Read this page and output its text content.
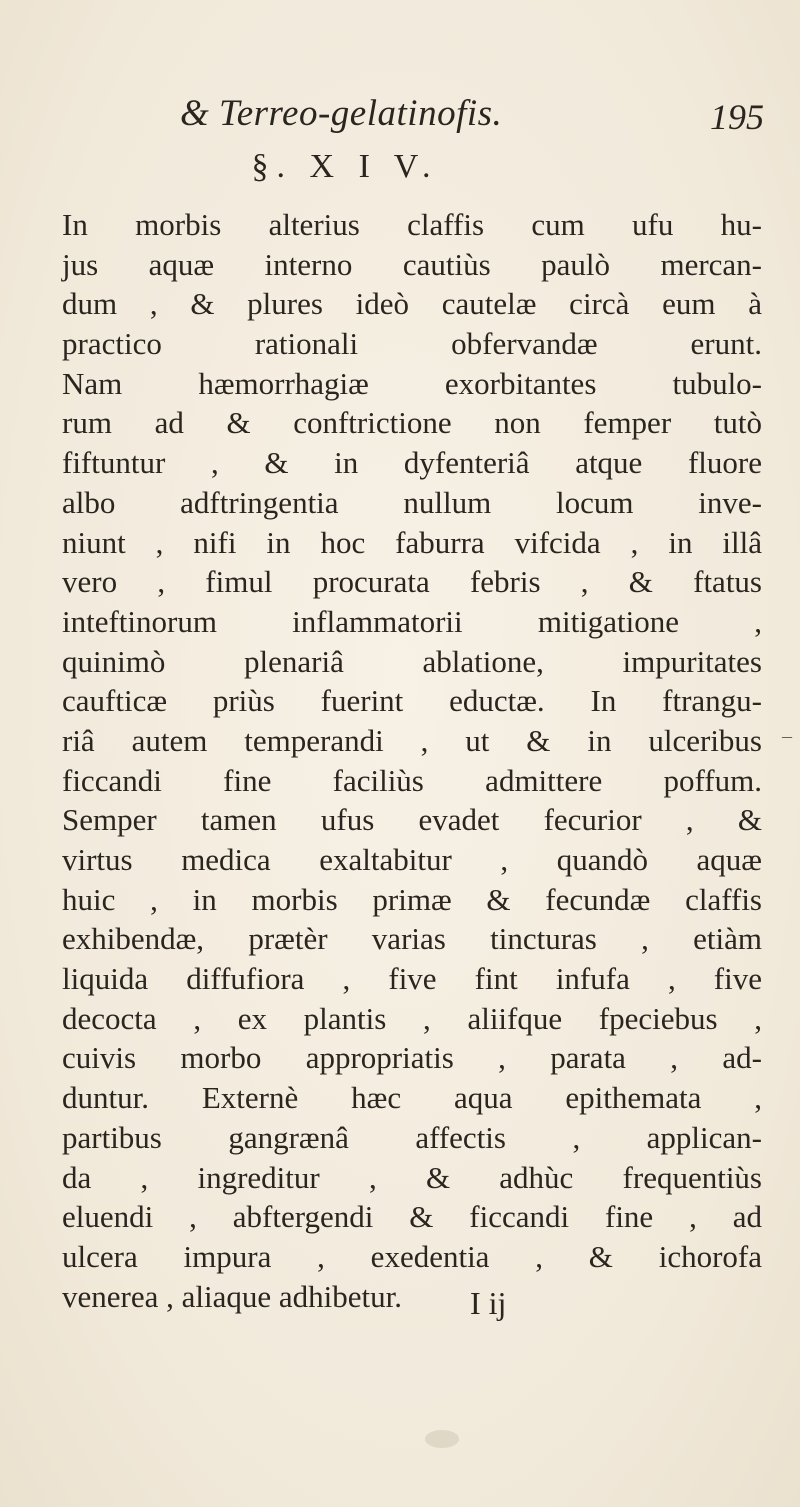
& Terreo-gelatinofis.	195
§. X I V.
In morbis alterius claffis cum ufu hu-
jus aquæ interno cautiùs paulò mercan-
dum , & plures ideò cautelæ circà eum à
practico rationali obfervandæ erunt.
Nam hæmorrhagiæ exorbitantes tubulo-
rum ad & conftrictione non femper tutò
fiftuntur , & in dyfenteriâ atque fluore
albo adftringentia nullum locum inve-
niunt , nifi in hoc faburra vifcida , in illâ
vero , fimul procurata febris , & ftatus
inteftinorum inflammatorii mitigatione ,
quinimò plenariâ ablatione, impuritates
caufticæ priùs fuerint eductæ. In ftrangu-
riâ autem temperandi , ut & in ulceribus
ficcandi fine faciliùs admittere poffum.
Semper tamen ufus evadet fecurior , &
virtus medica exaltabitur , quandò aquæ
huic , in morbis primæ & fecundæ claffis
exhibendæ, prætèr varias tincturas , etiàm
liquida diffufiora , five fint infufa , five
decocta , ex plantis , aliifque fpeciebus ,
cuivis morbo appropriatis , parata , ad-
duntur. Externè hæc aqua epithemata ,
partibus gangrænâ affectis , applican-
da , ingreditur , & adhùc frequentiùs
eluendi , abftergendi & ficcandi fine , ad
ulcera impura , exedentia , & ichorofa
venerea , aliaque adhibetur.	I ij
–
